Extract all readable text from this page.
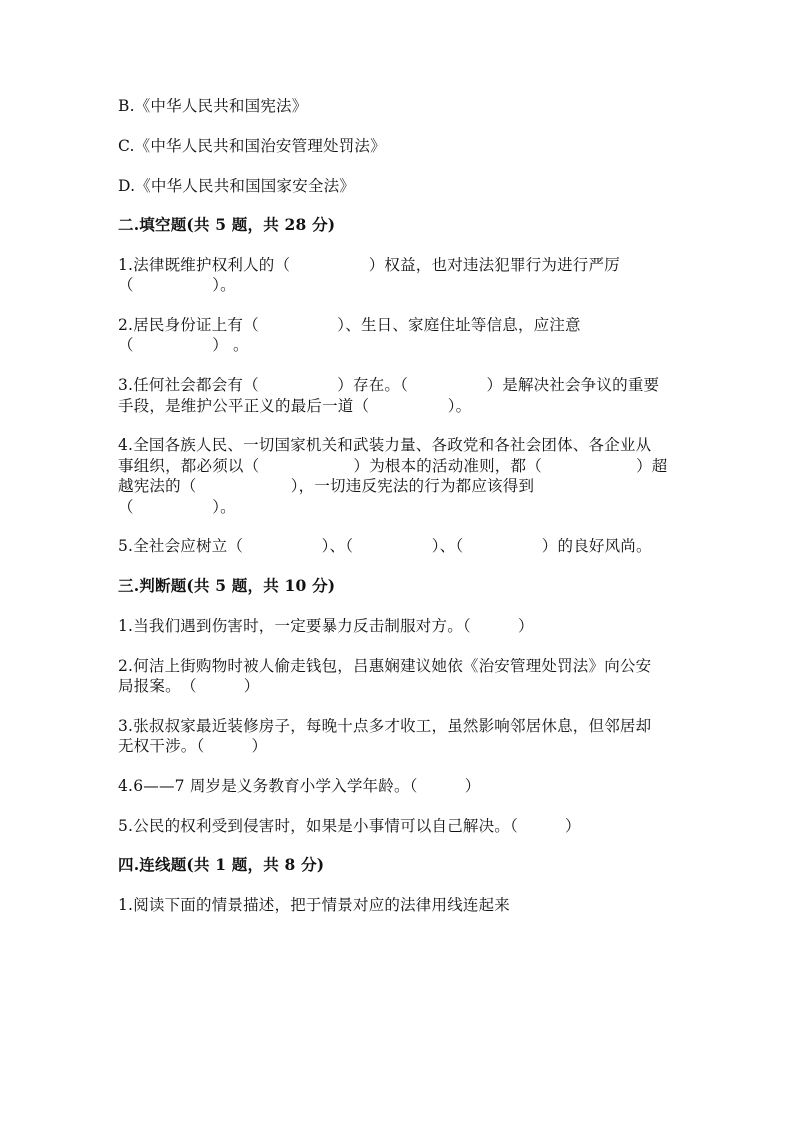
B.《中华人民共和国宪法》
C.《中华人民共和国治安管理处罚法》
D.《中华人民共和国国家安全法》
二.填空题(共 5 题，共 28 分)
1.法律既维护权利人的（　　　　　）权益，也对违法犯罪行为进行严厉
（　　　　　）。
2.居民身份证上有（　　　　　）、生日、家庭住址等信息，应注意
（　　　　　） 。
3.任何社会都会有（　　　　　）存在。（　　　　　）是解决社会争议的重要
手段，是维护公平正义的最后一道（　　　　　）。
4.全国各族人民、一切国家机关和武装力量、各政党和各社会团体、各企业从
事组织，都必须以（　　　　　　）为根本的活动准则，都（　　　　　　）超
越宪法的（　　　　　　），一切违反宪法的行为都应该得到
（　　　　　）。
5.全社会应树立（　　　　　）、（　　　　　）、（　　　　　）的良好风尚。
三.判断题(共 5 题，共 10 分)
1.当我们遇到伤害时，一定要暴力反击制服对方。（　　　）
2.何洁上街购物时被人偷走钱包，吕惠娴建议她依《治安管理处罚法》向公安
局报案。　（　　　）
3.张叔叔家最近装修房子，每晚十点多才收工，虽然影响邻居休息，但邻居却
无权干涉。（　　　）
4.6——7 周岁是义务教育小学入学年龄。（　　　）
5.公民的权利受到侵害时，如果是小事情可以自己解决。（　　　）
四.连线题(共 1 题，共 8 分)
1.阅读下面的情景描述，把于情景对应的法律用线连起来
